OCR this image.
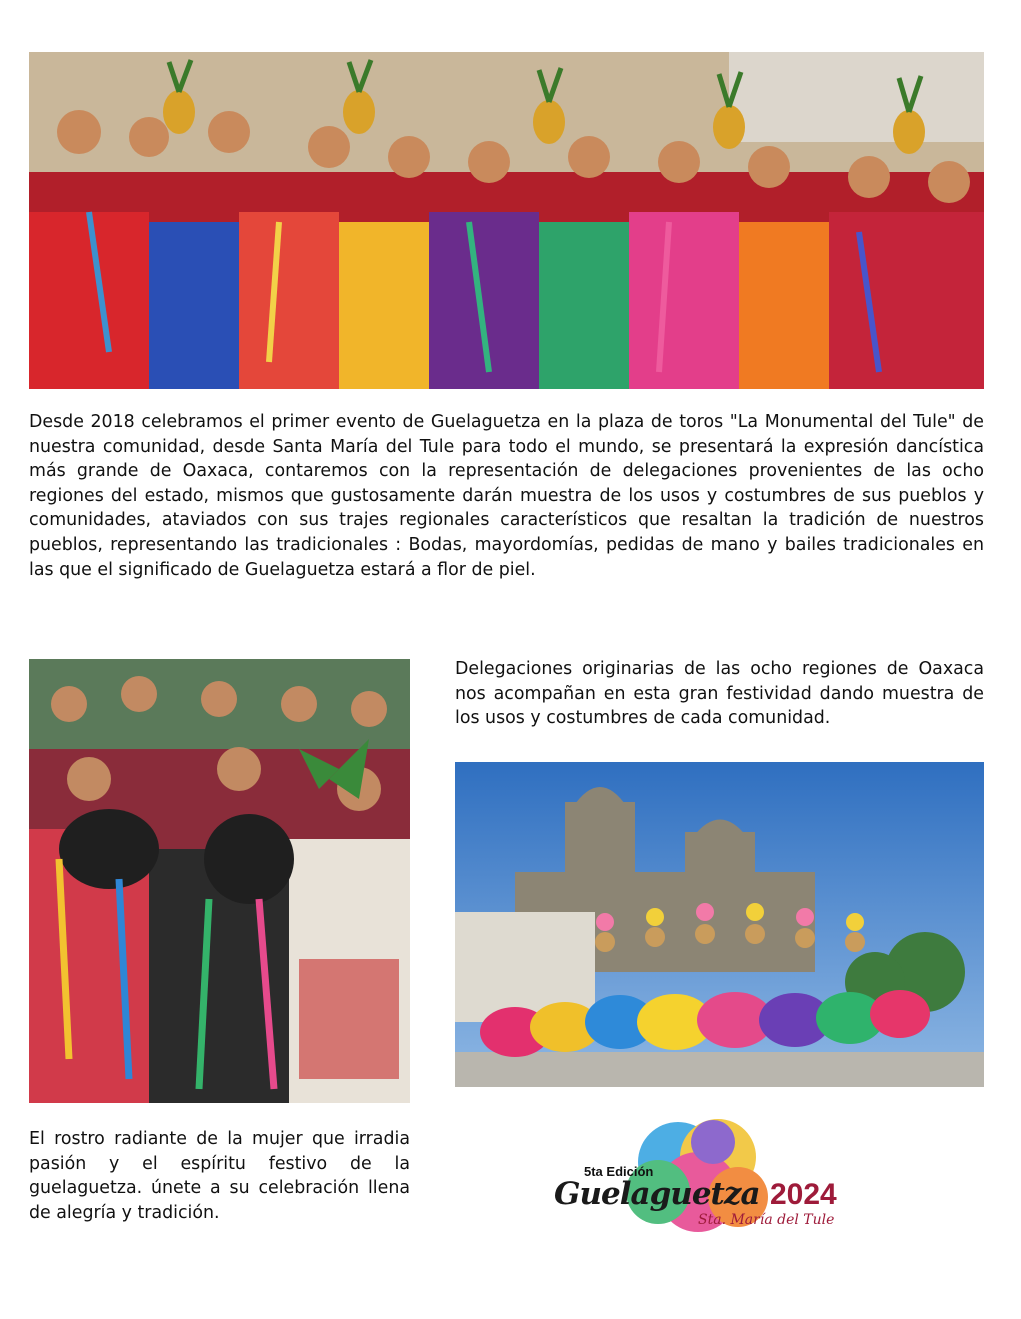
Desde 2018 celebramos el primer evento de Guelaguetza en la plaza de toros "La Monumental del Tule" de nuestra comunidad, desde Santa María del Tule para todo el mundo, se presentará la expresión dancística más grande de Oaxaca, contaremos con la representación de delegaciones provenientes de las ocho regiones del estado, mismos que gustosamente darán muestra de los usos y costumbres de sus pueblos y comunidades, ataviados con sus trajes regionales característicos que resaltan la tradición de nuestros pueblos, representando las tradicionales : Bodas, mayordomías, pedidas de mano y bailes tradicionales en las que el significado de Guelaguetza estará a flor de piel.

Delegaciones originarias de las ocho regiones de Oaxaca nos acompañan en esta gran festividad dando muestra de los usos y costumbres de cada comunidad.

El rostro radiante de la mujer que irradia pasión y el espíritu festivo de la guelaguetza. únete a su celebración llena de alegría y tradición.

5ta Edición
Guelaguetza 2024
Sta. María del Tule
